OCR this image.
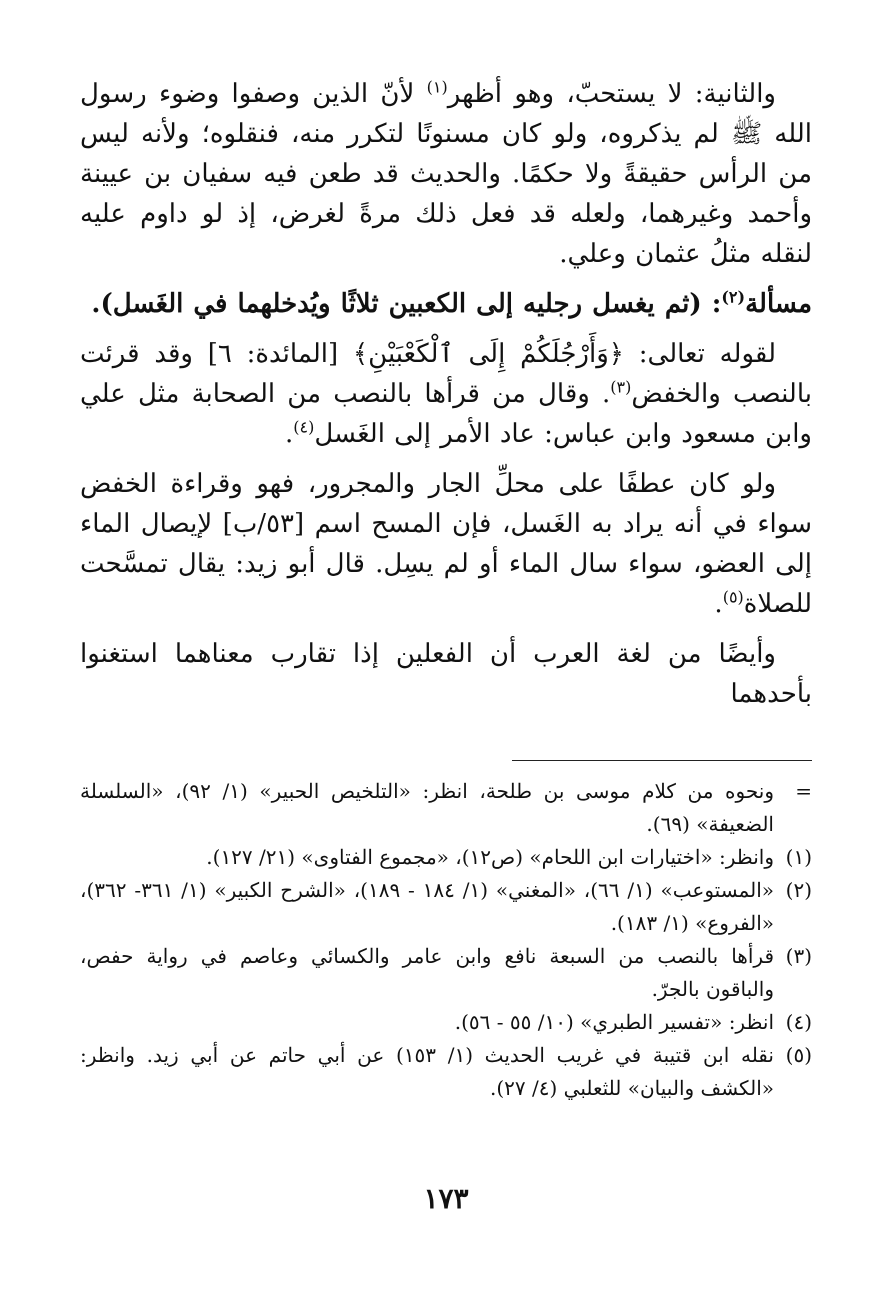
والثانية: لا يستحبّ، وهو أظهر$^{(١)}$ لأنّ الذين وصفوا وضوء رسول الله ﷺ لم يذكروه، ولو كان مسنونًا لتكرر منه، فنقلوه؛ ولأنه ليس من الرأس حقيقةً ولا حكمًا. والحديث قد طعن فيه سفيان بن عيينة وأحمد وغيرهما، ولعله قد فعل ذلك مرةً لغرض، إذ لو داوم عليه لنقله مثلُ عثمان وعلي.

مسألة$^{(٢)}$: (ثم يغسل رجليه إلى الكعبين ثلاثًا ويُدخلهما في الغَسل).

لقوله تعالى: ﴿وَأَرْجُلَكُمْ إِلَى ٱلْكَعْبَيْنِ﴾ [المائدة: ٦] وقد قرئت بالنصب والخفض$^{(٣)}$. وقال من قرأها بالنصب من الصحابة مثل علي وابن مسعود وابن عباس: عاد الأمر إلى الغَسل$^{(٤)}$.

ولو كان عطفًا على محلِّ الجار والمجرور، فهو وقراءة الخفض سواء في أنه يراد به الغَسل، فإن المسح اسم [٥٣/ب] لإيصال الماء إلى العضو، سواء سال الماء أو لم يسِل. قال أبو زيد: يقال تمسَّحت للصلاة$^{(٥)}$.

وأيضًا من لغة العرب أن الفعلين إذا تقارب معناهما استغنوا بأحدهما

=
ونحوه من كلام موسى بن طلحة، انظر: «التلخيص الحبير» (١/ ٩٢)، «السلسلة الضعيفة» (٦٩).
(١)
وانظر: «اختيارات ابن اللحام» (ص١٢)، «مجموع الفتاوى» (٢١/ ١٢٧).
(٢)
«المستوعب» (١/ ٦٦)، «المغني» (١/ ١٨٤ - ١٨٩)، «الشرح الكبير» (١/ ٣٦١- ٣٦٢)، «الفروع» (١/ ١٨٣).
(٣)
قرأها بالنصب من السبعة نافع وابن عامر والكسائي وعاصم في رواية حفص، والباقون بالجرّ.
(٤)
انظر: «تفسير الطبري» (١٠/ ٥٥ - ٥٦).
(٥)
نقله ابن قتيبة في غريب الحديث (١/ ١٥٣) عن أبي حاتم عن أبي زيد. وانظر: «الكشف والبيان» للثعلبي (٤/ ٢٧).
١٧٣
